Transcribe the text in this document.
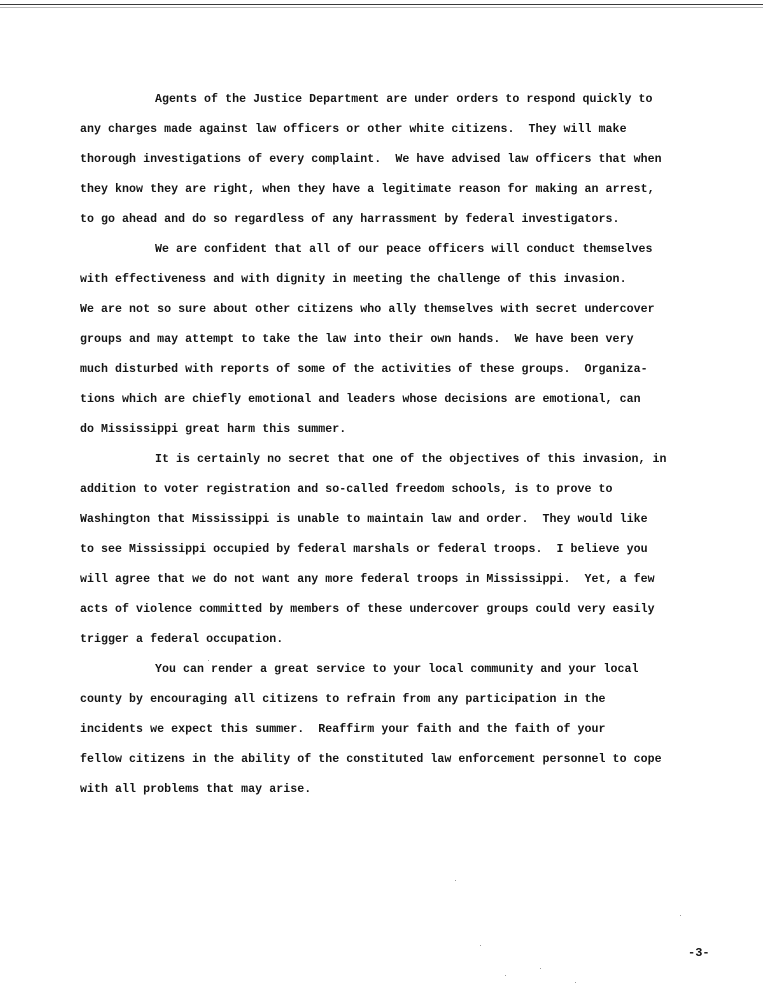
Agents of the Justice Department are under orders to respond quickly to
any charges made against law officers or other white citizens.  They will make
thorough investigations of every complaint.  We have advised law officers that when
they know they are right, when they have a legitimate reason for making an arrest,
to go ahead and do so regardless of any harrassment by federal investigators.
We are confident that all of our peace officers will conduct themselves
with effectiveness and with dignity in meeting the challenge of this invasion.
We are not so sure about other citizens who ally themselves with secret undercover
groups and may attempt to take the law into their own hands.  We have been very
much disturbed with reports of some of the activities of these groups.  Organiza-
tions which are chiefly emotional and leaders whose decisions are emotional, can
do Mississippi great harm this summer.
It is certainly no secret that one of the objectives of this invasion, in
addition to voter registration and so-called freedom schools, is to prove to
Washington that Mississippi is unable to maintain law and order.  They would like
to see Mississippi occupied by federal marshals or federal troops.  I believe you
will agree that we do not want any more federal troops in Mississippi.  Yet, a few
acts of violence committed by members of these undercover groups could very easily
trigger a federal occupation.
You can render a great service to your local community and your local
county by encouraging all citizens to refrain from any participation in the
incidents we expect this summer.  Reaffirm your faith and the faith of your
fellow citizens in the ability of the constituted law enforcement personnel to cope
with all problems that may arise.
-3-
